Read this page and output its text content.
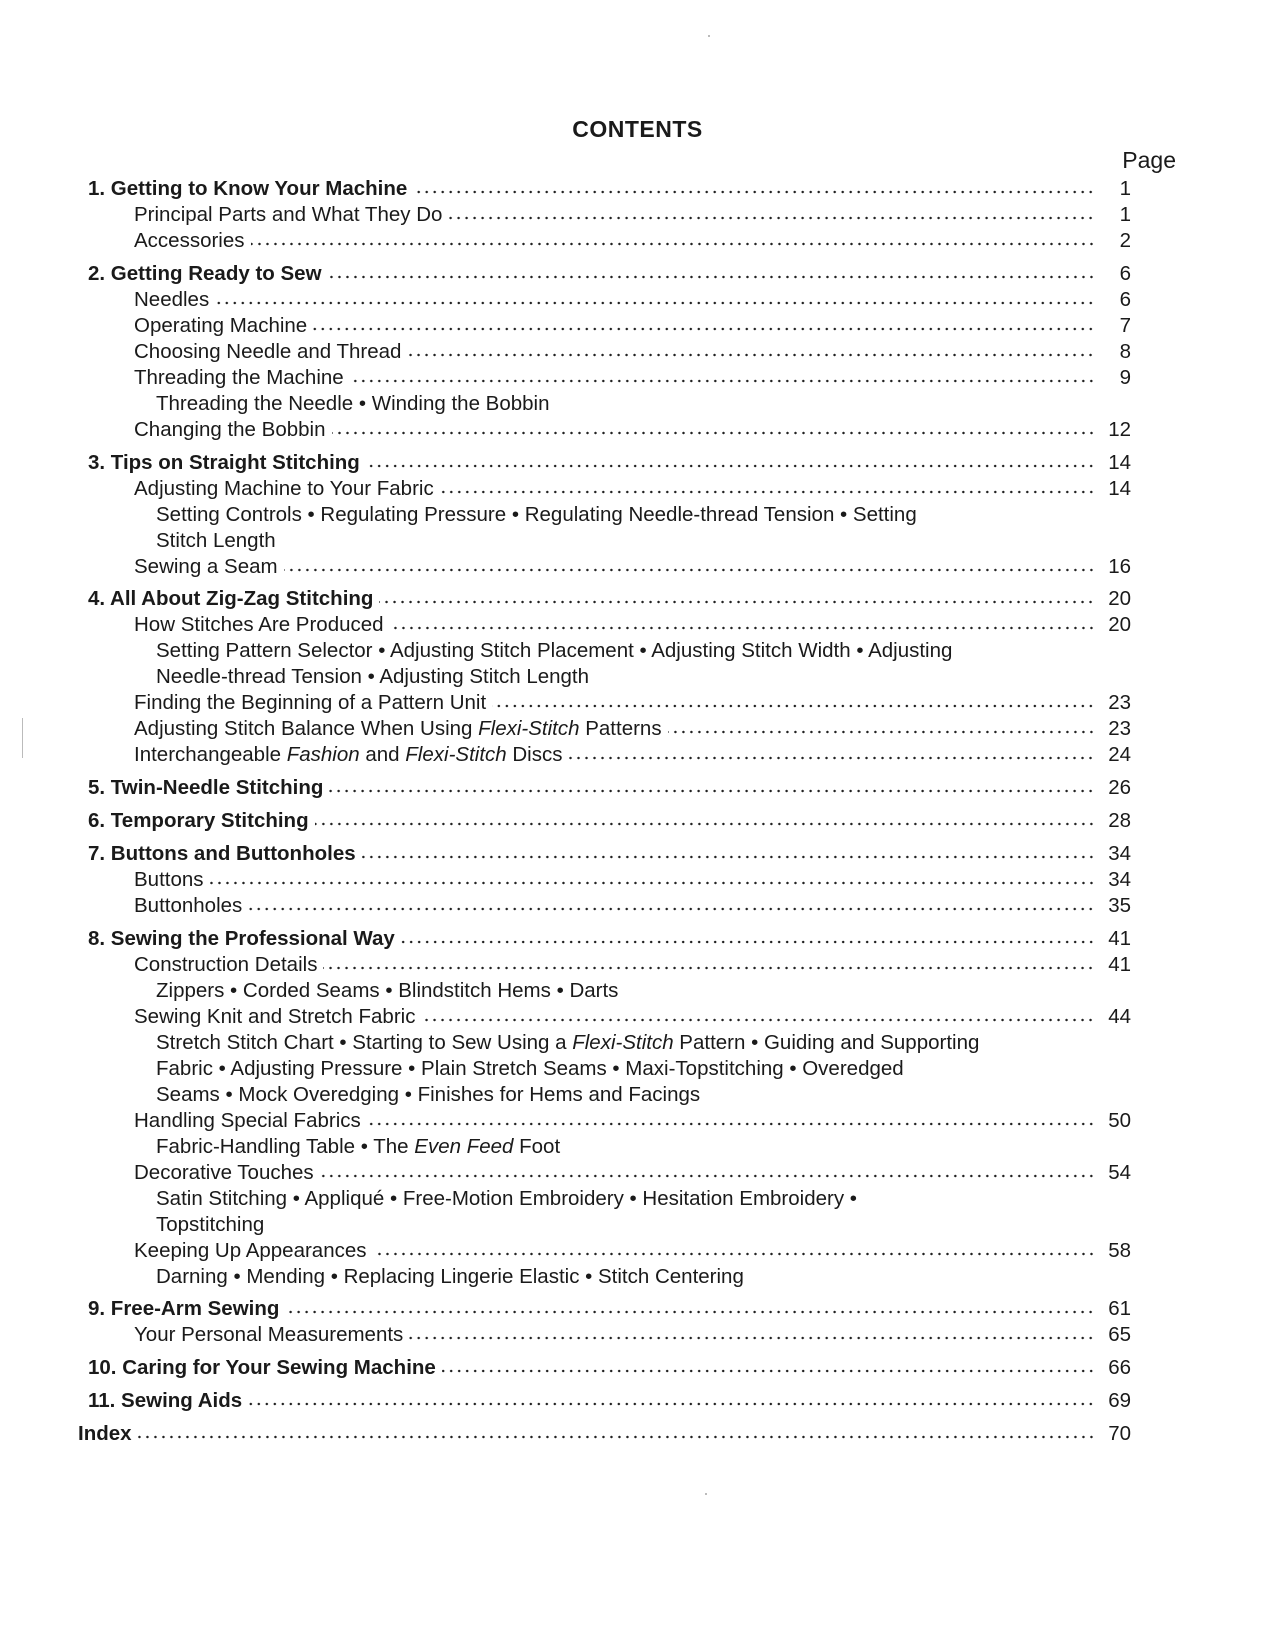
CONTENTS
Page
1. Getting to Know Your Machine	1
Principal Parts and What They Do	1
Accessories	2
2. Getting Ready to Sew	6
Needles	6
Operating Machine	7
Choosing Needle and Thread	8
Threading the Machine	9
Threading the Needle • Winding the Bobbin
Changing the Bobbin	12
3. Tips on Straight Stitching	14
Adjusting Machine to Your Fabric	14
Setting Controls • Regulating Pressure • Regulating Needle-thread Tension • Setting
Stitch Length
Sewing a Seam	16
4. All About Zig-Zag Stitching	20
How Stitches Are Produced	20
Setting Pattern Selector • Adjusting Stitch Placement • Adjusting Stitch Width • Adjusting
Needle-thread Tension • Adjusting Stitch Length
Finding the Beginning of a Pattern Unit	23
Adjusting Stitch Balance When Using Flexi-Stitch Patterns	23
Interchangeable Fashion and Flexi-Stitch Discs	24
5. Twin-Needle Stitching	26
6. Temporary Stitching	28
7. Buttons and Buttonholes	34
Buttons	34
Buttonholes	35
8. Sewing the Professional Way	41
Construction Details	41
Zippers • Corded Seams • Blindstitch Hems • Darts
Sewing Knit and Stretch Fabric	44
Stretch Stitch Chart • Starting to Sew Using a Flexi-Stitch Pattern • Guiding and Supporting
Fabric • Adjusting Pressure • Plain Stretch Seams • Maxi-Topstitching • Overedged
Seams • Mock Overedging • Finishes for Hems and Facings
Handling Special Fabrics	50
Fabric-Handling Table • The Even Feed Foot
Decorative Touches	54
Satin Stitching • Appliqué • Free-Motion Embroidery • Hesitation Embroidery •
Topstitching
Keeping Up Appearances	58
Darning • Mending • Replacing Lingerie Elastic • Stitch Centering
9. Free-Arm Sewing	61
Your Personal Measurements	65
10. Caring for Your Sewing Machine	66
11. Sewing Aids	69
Index	70
